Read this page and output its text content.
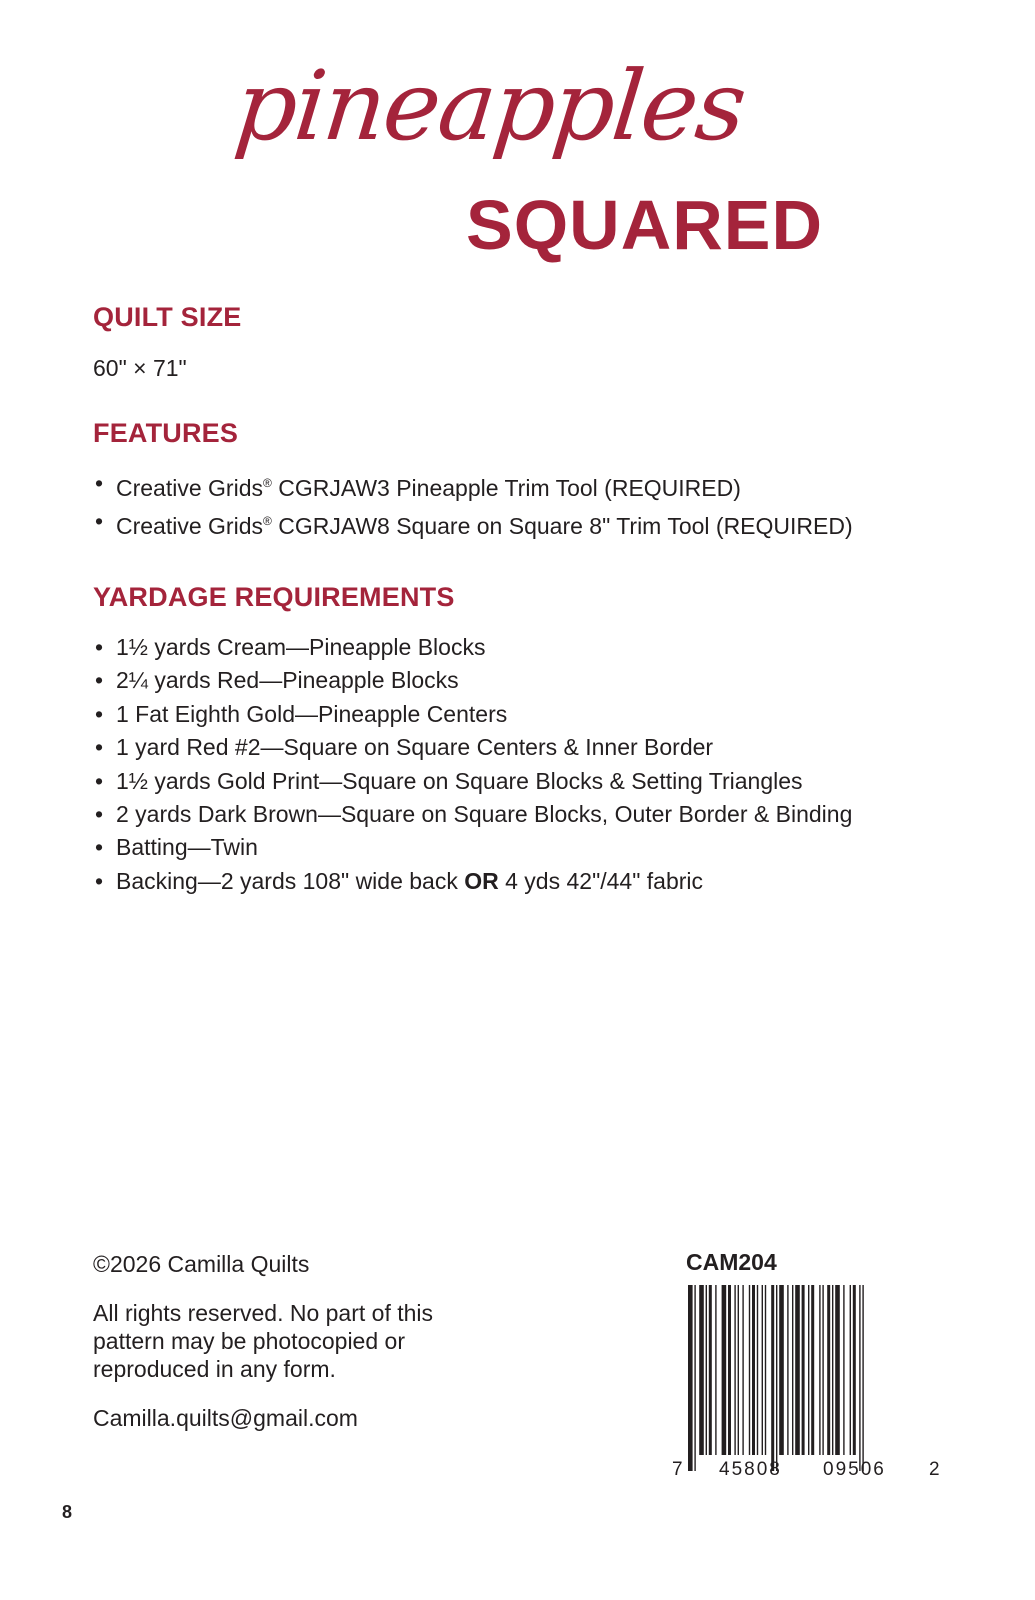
pineapples
SQUARED
QUILT SIZE

60" × 71"

FEATURES
• Creative Grids® CGRJAW3 Pineapple Trim Tool (REQUIRED)
• Creative Grids® CGRJAW8 Square on Square 8" Trim Tool (REQUIRED)
YARDAGE REQUIREMENTS
• 1½ yards Cream—Pineapple Blocks
• 2¼ yards Red—Pineapple Blocks
• 1 Fat Eighth Gold—Pineapple Centers
• 1 yard Red #2—Square on Square Centers & Inner Border
• 1½ yards Gold Print—Square on Square Blocks & Setting Triangles
• 2 yards Dark Brown—Square on Square Blocks, Outer Border & Binding
• Batting—Twin
• Backing—2 yards 108" wide back OR 4 yds 42"/44" fabric

©2026 Camilla Quilts

All rights reserved. No part of this
pattern may be photocopied or
reproduced in any form.

Camilla.quilts@gmail.com

CAM204
7 45808 09506 2
8
